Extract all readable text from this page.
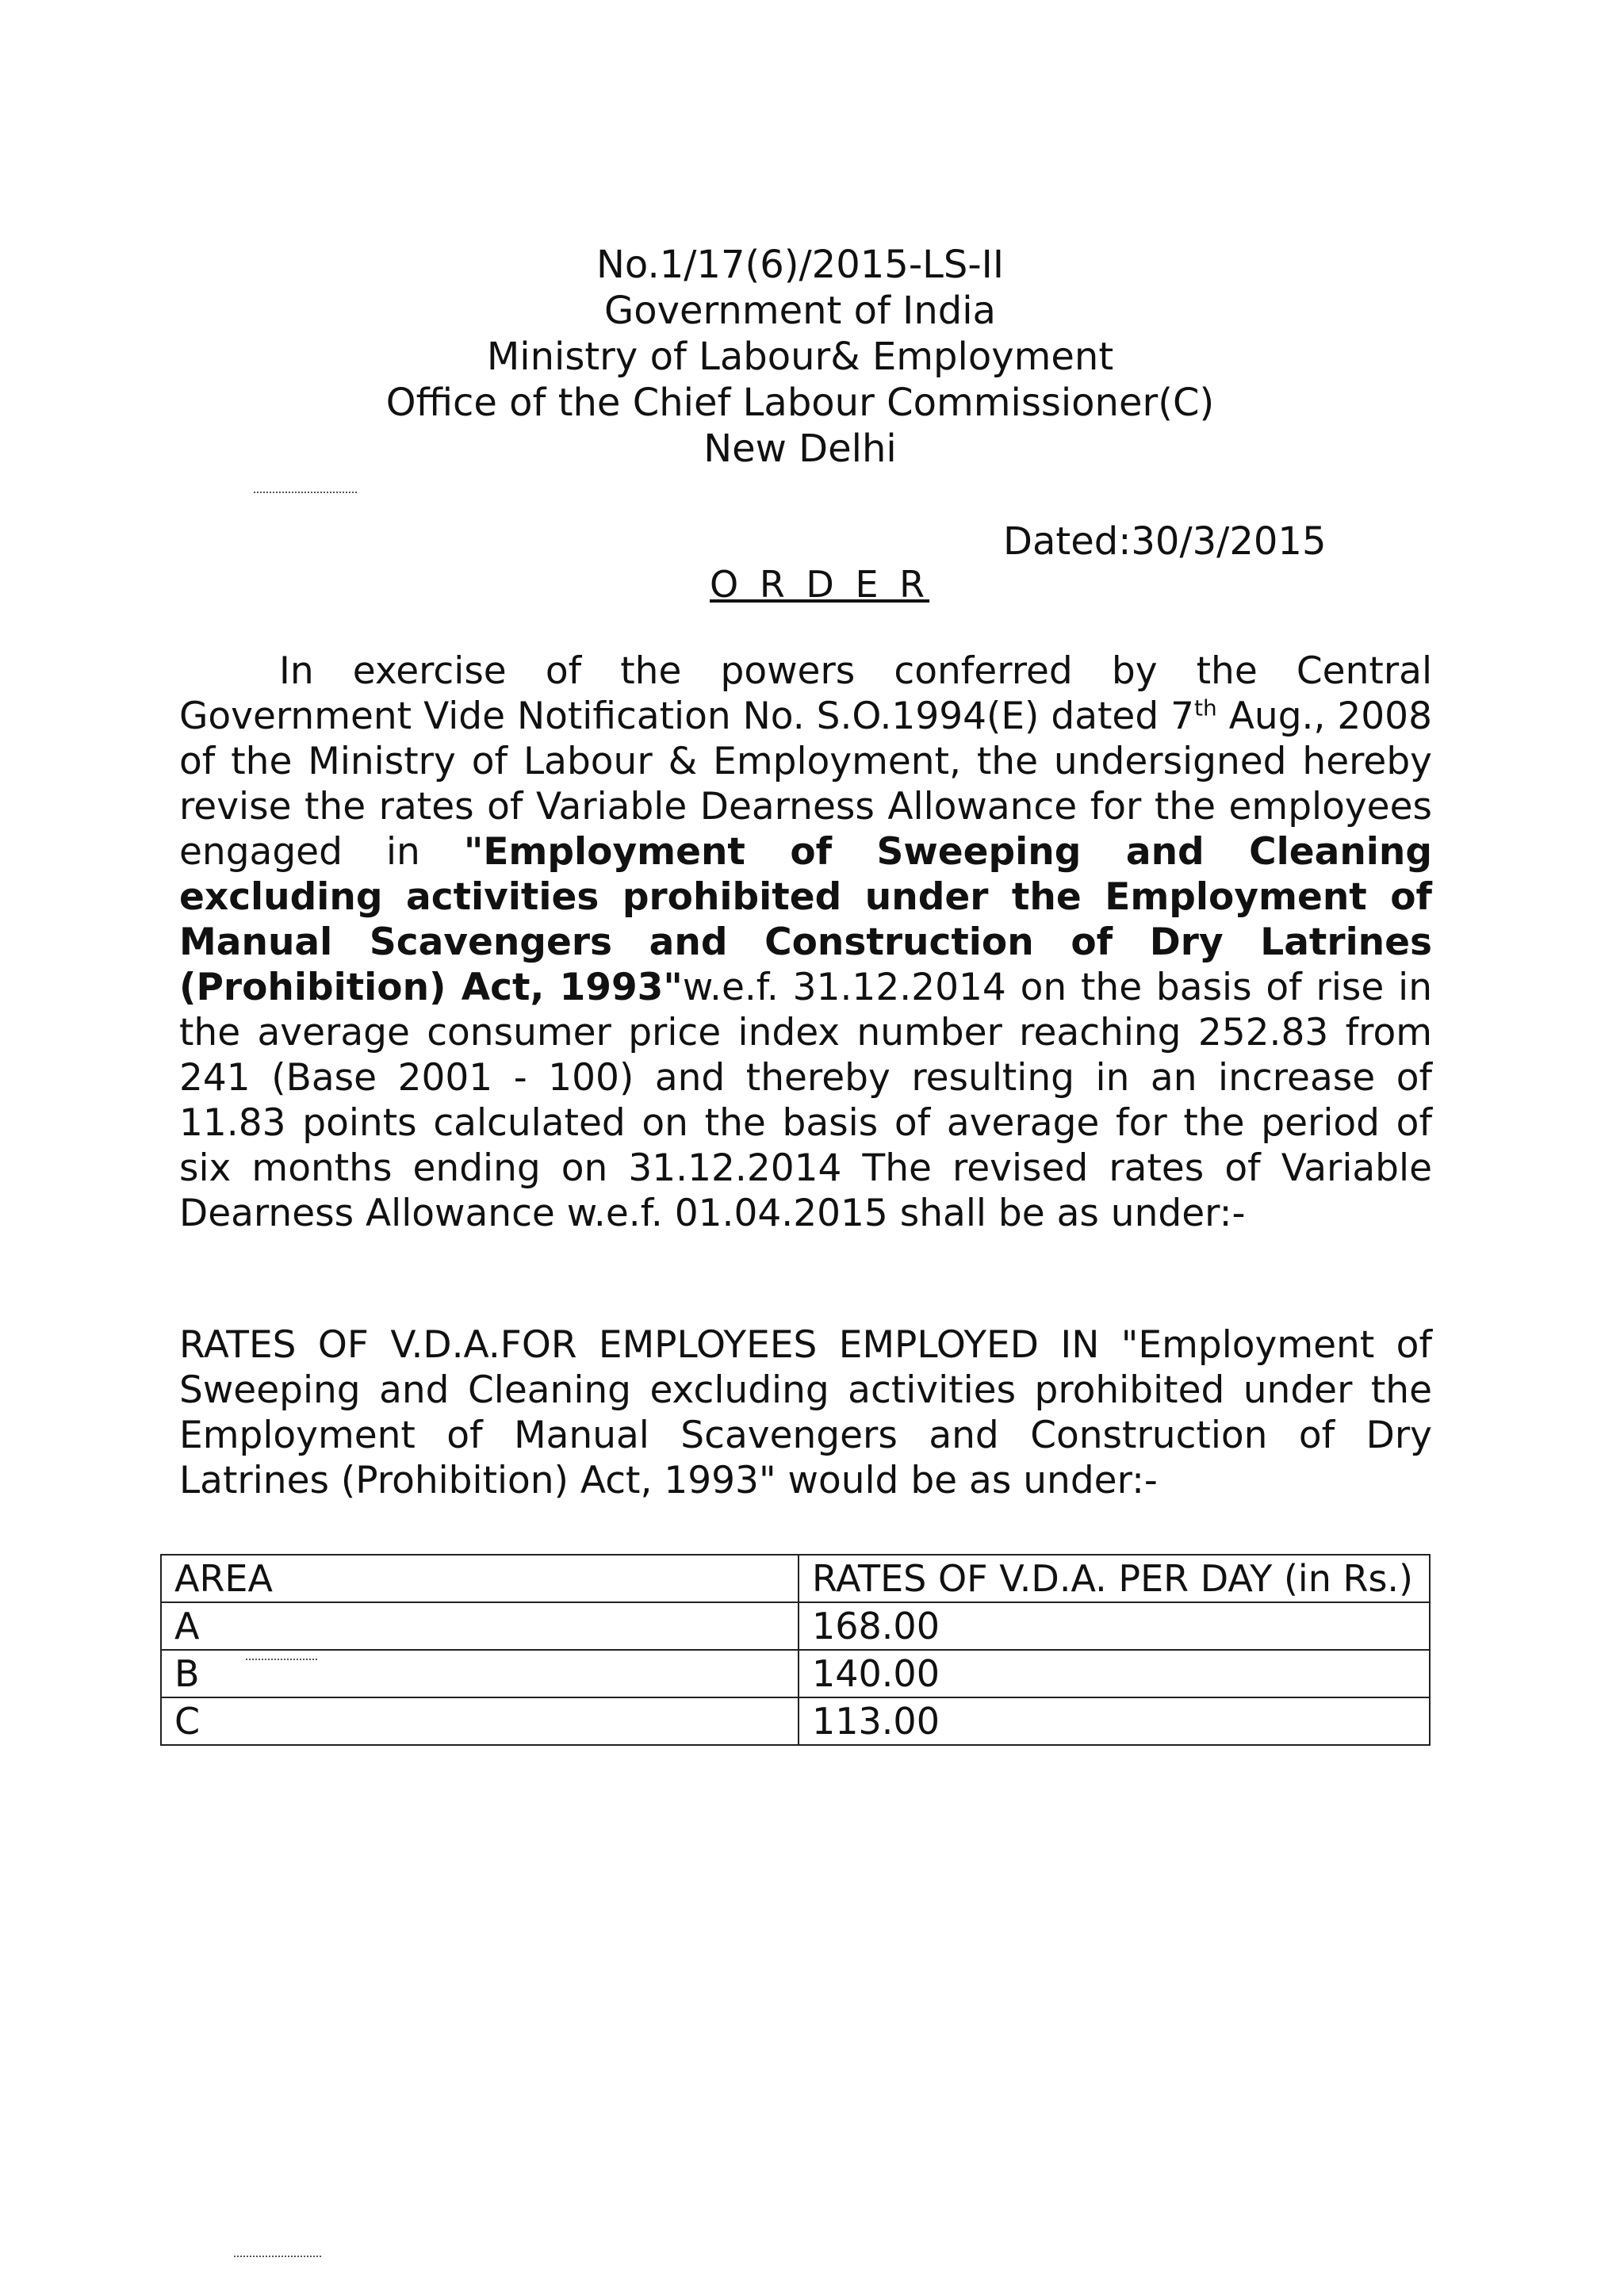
No.1/17(6)/2015-LS-II
Government of India
Ministry of Labour& Employment
Office of the Chief Labour Commissioner(C)
New Delhi
Dated:30/3/2015
O R D E R
In exercise of the powers conferred by the Central Government Vide Notification No. S.O.1994(E) dated 7th Aug., 2008 of the Ministry of Labour & Employment, the undersigned hereby revise the rates of Variable Dearness Allowance for the employees engaged in "Employment of Sweeping and Cleaning excluding activities prohibited under the Employment of Manual Scavengers and Construction of Dry Latrines (Prohibition) Act, 1993"w.e.f. 31.12.2014 on the basis of rise in the average consumer price index number reaching 252.83 from 241 (Base 2001 - 100) and thereby resulting in an increase of 11.83 points calculated on the basis of average for the period of six months ending on 31.12.2014 The revised rates of Variable Dearness Allowance w.e.f. 01.04.2015 shall be as under:-
RATES OF V.D.A.FOR EMPLOYEES EMPLOYED IN "Employment of Sweeping and Cleaning excluding activities prohibited under the Employment of Manual Scavengers and Construction of Dry Latrines (Prohibition) Act, 1993" would be as under:-
AREA	RATES OF V.D.A. PER DAY (in Rs.)
A	168.00
B	140.00
C	113.00
